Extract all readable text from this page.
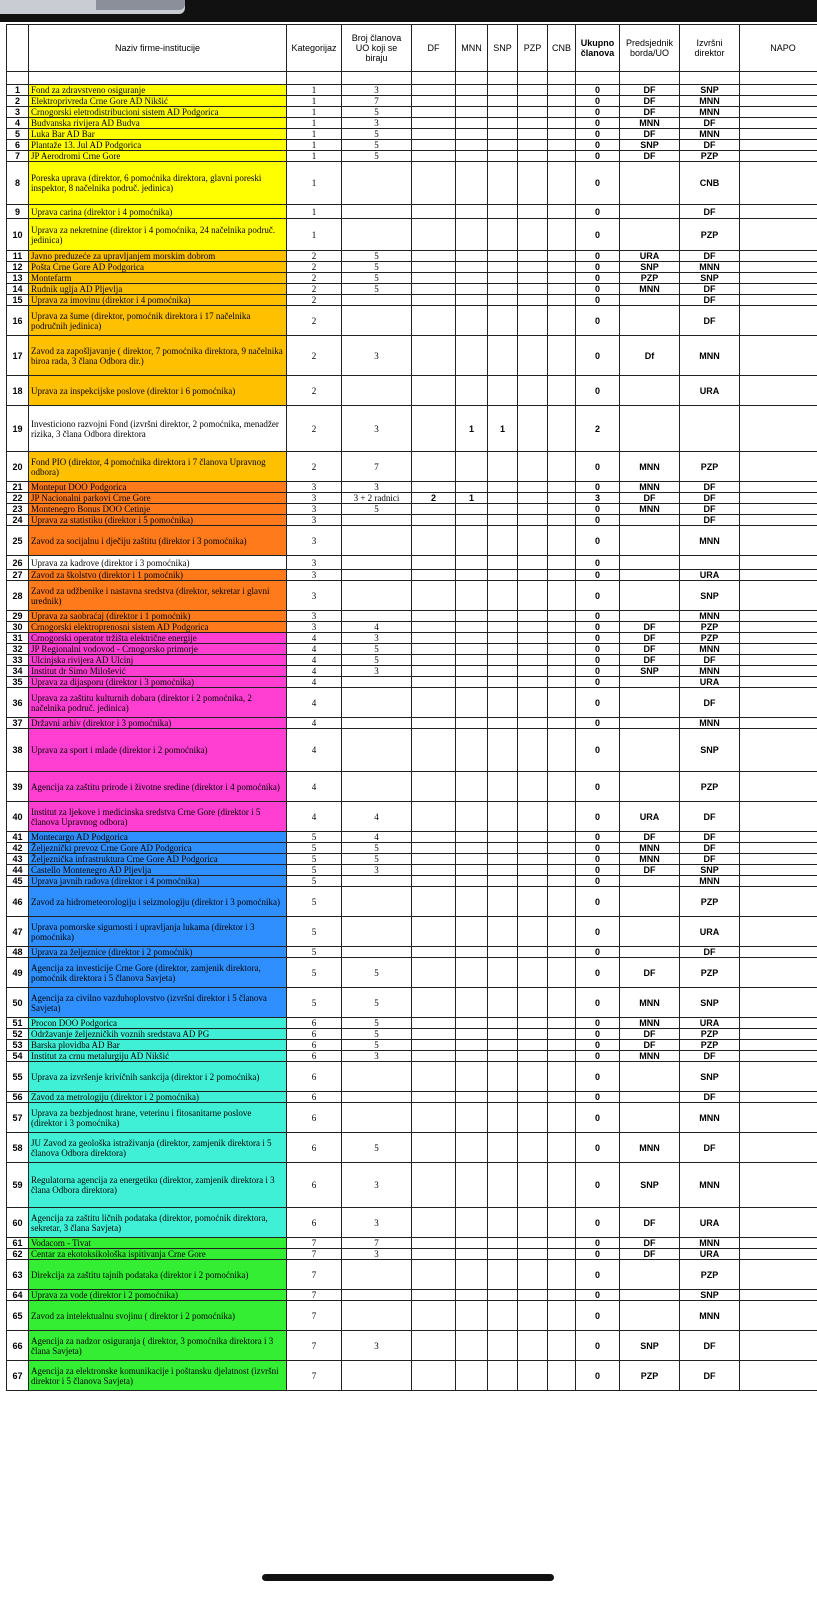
	Naziv firme-institucije	Kategorijaz	Broj članova UO koji se biraju	DF	MNN	SNP	PZP	CNB	Ukupno članova	Predsjednik borda/UO	Izvršni direktor	NAPO

1	Fond za zdravstveno osiguranje	1	3						0	DF	SNP	
2	Elektroprivreda Crne Gore AD Nikšić	1	7						0	DF	MNN	
3	Crnogorski eletrodistribucioni sistem AD Podgorica	1	5						0	DF	MNN	
4	Budvanska rivijera AD Budva	1	3						0	MNN	DF	
5	Luka Bar AD Bar	1	5						0	DF	MNN	
6	Plantaže 13. Jul AD Podgorica	1	5						0	SNP	DF	
7	JP Aerodromi Crne Gore	1	5						0	DF	PZP	
8	Poreska uprava (direktor, 6 pomoćnika direktora, glavni poreski inspektor, 8 načelnika područ. jedinica)	1							0		CNB	
9	Uprava carina (direktor i 4 pomoćnika)	1							0		DF	
10	Uprava za nekretnine (direktor i 4 pomoćnika, 24 načelnika područ. jedinica)	1							0		PZP	
11	Javno preduzeće za upravljanjem morskim dobrom	2	5						0	URA	DF	
12	Pošta Crne Gore AD Podgorica	2	5						0	SNP	MNN	
13	Montefarm	2	5						0	PZP	SNP	
14	Rudnik uglja AD Pljevlja	2	5						0	MNN	DF	
15	Uprava za imovinu (direktor i 4 pomoćnika)	2							0		DF	
16	Uprava za šume (direktor, pomoćnik direktora i 17 načelnika područnih jedinica)	2							0		DF	
17	Zavod za zapošljavanje ( direktor, 7 pomoćnika direktora, 9 načelnika biroa rada, 3 člana Odbora dir.)	2	3						0	Df	MNN	
18	Uprava za inspekcijske poslove (direktor i 6 pomoćnika)	2							0		URA	
19	Investiciono razvojni Fond (izvršni direktor, 2 pomoćnika, menadžer rizika, 3 člana Odbora direktora	2	3		1	1			2			
20	Fond PIO (direktor, 4 pomoćnika direktora i 7 članova Upravnog odbora)	2	7						0	MNN	PZP	
21	Monteput DOO Podgorica	3	3						0	MNN	DF	
22	JP Nacionalni parkovi Crne Gore	3	3 + 2 radnici	2	1				3	DF	DF	
23	Montenegro Bonus DOO Cetinje	3	5						0	MNN	DF	
24	Uprava za statistiku (direktor i 5 pomoćnika)	3							0		DF	
25	Zavod za socijalnu i dječiju zaštitu (direktor i 3 pomoćnika)	3							0		MNN	
26	Uprava za kadrove (direktor i 3 pomoćnika)	3							0			
27	Zavod za školstvo (direktor i 1 pomoćnik)	3							0		URA	
28	Zavod za udžbenike i nastavna sredstva (direktor, sekretar i glavni urednik)	3							0		SNP	
29	Uprava za saobraćaj (direktor i 1 pomoćnik)	3							0		MNN	
30	Crnogorski elektroprenosni sistem AD Podgorica	3	4						0	DF	PZP	
31	Crnogorski operator tržišta električne energije	4	3						0	DF	PZP	
32	JP Regionalni vodovod - Crnogorsko primorje	4	5						0	DF	MNN	
33	Ulcinjska rivijera AD Ulcinj	4	5						0	DF	DF	
34	Institut dr Simo Milošević	4	3						0	SNP	MNN	
35	Uprava za dijasporu (direktor i 3 pomoćnika)	4							0		URA	
36	Uprava za zaštitu kulturnih dobara (direktor i 2 pomoćnika, 2 načelnika područ. jedinica)	4							0		DF	
37	Državni arhiv (direktor i 3 pomoćnika)	4							0		MNN	
38	Uprava za sport i mlade (direktor i 2 pomoćnika)	4							0		SNP	
39	Agencija za zaštitu prirode i životne sredine (direktor i 4 pomoćnika)	4							0		PZP	
40	Institut za ljekove i medicinska sredstva Crne Gore (direktor i 5 članova Upravnog odbora)	4	4						0	URA	DF	
41	Montecargo AD Podgorica	5	4						0	DF	DF	
42	Željeznički prevoz Crne Gore AD Podgorica	5	5						0	MNN	DF	
43	Željeznička infrastruktura Crne Gore AD Podgorica	5	5						0	MNN	DF	
44	Castello Montenegro AD Pljevlja	5	3						0	DF	SNP	
45	Uprava javnih radova (direktor i 4 pomoćnika)	5							0		MNN	
46	Zavod za hidrometeorologiju i seizmologiju (direktor i 3 pomoćnika)	5							0		PZP	
47	Uprava pomorske sigurnosti i upravljanja lukama (direktor i 3 pomoćnika)	5							0		URA	
48	Uprava za željeznice (direktor i 2 pomoćnik)	5							0		DF	
49	Agencija za investicije Crne Gore (direktor, zamjenik direktora, pomoćnik direktora i 5 članova Savjeta)	5	5						0	DF	PZP	
50	Agencija za civilno vazduhoplovstvo (izvršni direktor i 5 članova Savjeta)	5	5						0	MNN	SNP	
51	Procon DOO Podgorica	6	5						0	MNN	URA	
52	Održavanje željezničkih voznih sredstava AD PG	6	5						0	DF	PZP	
53	Barska plovidba AD Bar	6	5						0	DF	PZP	
54	Institut za crnu metalurgiju AD Nikšić	6	3						0	MNN	DF	
55	Uprava za izvršenje krivičnih sankcija (direktor i 2 pomoćnika)	6							0		SNP	
56	Zavod za metrologiju (direktor i 2 pomoćnika)	6							0		DF	
57	Uprava za bezbjednost hrane, veterinu i fitosanitarne poslove (direktor i 3 pomoćnika)	6							0		MNN	
58	JU Zavod za geološka istraživanja (direktor, zamjenik direktora i 5 članova Odbora direktora)	6	5						0	MNN	DF	
59	Regulatorna agencija za energetiku (direktor, zamjenik direktora i 3 člana Odbora direktora)	6	3						0	SNP	MNN	
60	Agencija za zaštitu ličnih podataka (direktor, pomoćnik direktora, sekretar, 3 člana Savjeta)	6	3						0	DF	URA	
61	Vodacom - Tivat	7	7						0	DF	MNN	
62	Centar za ekotoksikološka ispitivanja Crne Gore	7	3						0	DF	URA	
63	Direkcija za zaštitu tajnih podataka (direktor i 2 pomoćnika)	7							0		PZP	
64	Uprava za vode (direktor i 2 pomoćnika)	7							0		SNP	
65	Zavod za intelektualnu svojinu ( direktor i 2 pomoćnika)	7							0		MNN	
66	Agencija za nadzor osiguranja ( direktor, 3 pomoćnika direktora i 3 člana Savjeta)	7	3						0	SNP	DF	
67	Agencija za elektronske komunikacije i poštansku djelatnost (izvršni direktor i 5 članova Savjeta)	7							0	PZP	DF	
